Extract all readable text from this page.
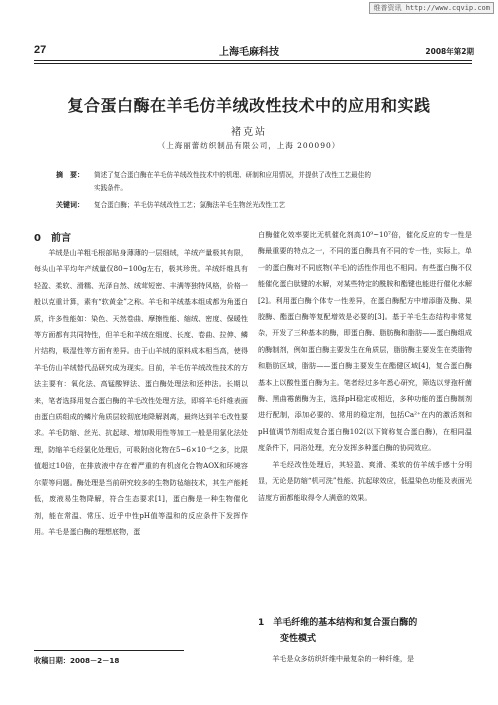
维普资讯 http://www.cqvip.com
27	上海毛麻科技	2008年第2期
复合蛋白酶在羊毛仿羊绒改性技术中的应用和实践
褚克站
（上海丽蕾纺织制品有限公司，上海 200090）
摘　要： 简述了复合蛋白酶在羊毛仿羊绒改性技术中的机理、研制和应用情况，并提供了改性工艺最佳的
实践条件。
关键词： 复合蛋白酶；羊毛仿羊绒改性工艺；氯酶法羊毛生物丝光改性工艺
0　前言

羊绒是山羊粗毛根部贴身薄薄的一层细绒，羊绒产量极其有限，每头山羊平均年产绒量仅80~100g左右，极其珍贵。羊绒纤维具有轻盈、柔软、滑糯、光泽自然、绒茸短密、丰满等独特风格，价格一般以克重计算，素有“软黄金”之称。羊毛和羊绒基本组成都为角蛋白质，许多性能如：染色、天然卷曲、摩擦性能、缩绒、密度、保暖性等方面都有共同特性，但羊毛和羊绒在细度、长度、卷曲、拉伸、鳞片结构，吸湿性等方面有差异。由于山羊绒的原料成本相当高，使得羊毛仿山羊绒替代品研究成为现实。目前，羊毛仿羊绒改性技术的方法主要有：氧化法、高锰酸钾法、蛋白酶处理法和还伸法。长期以来，笔者选择用复合蛋白酶的羊毛改性处理方法，即将羊毛纤维表面由蛋白质组成的鳞片角质层较彻底地降解剥离，最终达到羊毛改性要求。羊毛防缩、丝光、抗起球、增加吸用性等加工一般是用氯化法处理，防缩羊毛经氯化处理后，可吸附卤化物在5~6×10⁻⁶之多，比限值超过10倍，在排放液中存在着严重的有机卤化合物AOX和环境容尔蒙等问题。酶处理是当前研究较多的生物防毡缩技术，其生产能耗低，废液易生物降解，符合生态要求[1]，蛋白酶是一种生物催化剂，能在常温、常压、近乎中性pH值等温和的反应条件下发挥作用。羊毛是蛋白酶的理想底物，蛋

白酶催化效率要比无机催化剂高10⁹~10⁷倍，催化反应的专一性是酶最重要的特点之一，不同的蛋白酶具有不同的专一性，实际上，单一的蛋白酶对不同底物(羊毛)的活性作用也不相同。有些蛋白酶不仅能催化蛋白肽键的水解，对某些特定的酰胺和酯键也能进行催化水解[2]。利用蛋白酶个体专一性差异，在蛋白酶配方中增添脂及酶、果胶酶、酯蛋白酶等复配增效是必要的[3]。基于羊毛生态结构非常复杂，开发了三种基本的酶，即蛋白酶、脂肪酶和脂肪——蛋白酶组成的酶制剂，例如蛋白酶主要发生在角质层，脂肪酶主要发生在类脂物和脂肪区域，脂肪——蛋白酶主要发生在酯健区域[4]，复合蛋白酶基本上以酸性蛋白酶为主。笔者经过多年悉心研究，筛选以芽孢杆菌酶、黑曲霉菌酶为主，选择pH稳定或相近，多种功能的蛋白酶制剂进行配制，添加必要的、常用的稳定剂，包括Ca²⁺在内的激活剂和pH值调节剂组成复合蛋白酶102(以下简称复合蛋白酶)，在相同温度条件下，同浴处理，充分发挥多种蛋白酶的协同效应。

羊毛经改性处理后，其轻盈、爽滑、柔软的仿羊绒手感十分明显，无论是防缩“机可洗”性能、抗起球效应，低温染色功能及表面光洁度方面都能取得令人满意的效果。

1　羊毛纤维的基本结构和复合蛋白酶的
变性模式
羊毛是众多纺织纤维中最复杂的一种纤维，是
收稿日期：2008－2－18
